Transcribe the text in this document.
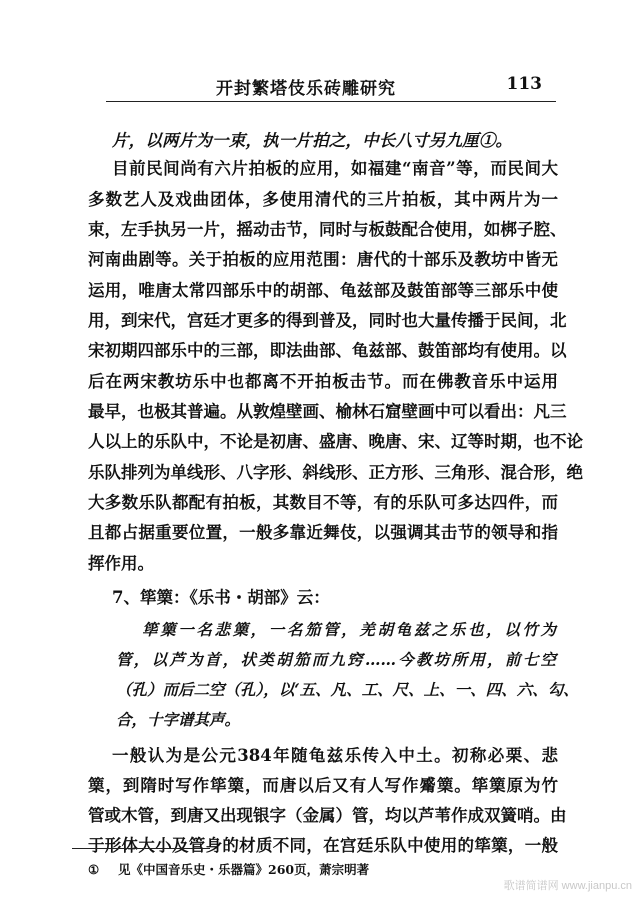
开封繁塔伎乐砖雕研究	113
片，以两片为一束，执一片拍之，中长八寸另九厘①。
目前民间尚有六片拍板的应用，如福建“南音”等，而民间大
多数艺人及戏曲团体，多使用清代的三片拍板，其中两片为一
束，左手执另一片，摇动击节，同时与板鼓配合使用，如梆子腔、
河南曲剧等。关于拍板的应用范围：唐代的十部乐及教坊中皆无
运用，唯唐太常四部乐中的胡部、龟兹部及鼓笛部等三部乐中使
用，到宋代，宫廷才更多的得到普及，同时也大量传播于民间，北
宋初期四部乐中的三部，即法曲部、龟兹部、鼓笛部均有使用。以
后在两宋教坊乐中也都离不开拍板击节。而在佛教音乐中运用
最早，也极其普遍。从敦煌壁画、榆林石窟壁画中可以看出：凡三
人以上的乐队中，不论是初唐、盛唐、晚唐、宋、辽等时期，也不论
乐队排列为单线形、八字形、斜线形、正方形、三角形、混合形，绝
大多数乐队都配有拍板，其数目不等，有的乐队可多达四件，而
且都占据重要位置，一般多靠近舞伎，以强调其击节的领导和指
挥作用。
7、筚篥：《乐书・胡部》云：
筚篥一名悲篥，一名笳管，羌胡龟兹之乐也，以竹为
管，以芦为首，状类胡笳而九窍……今教坊所用，前七空
（孔）而后二空（孔），以‘五、凡、工、尺、上、一、四、六、勾、
合，十字谱其声。
一般认为是公元384年随龟兹乐传入中土。初称必栗、悲
篥，到隋时写作筚篥，而唐以后又有人写作觱篥。筚篥原为竹
管或木管，到唐又出现银字（金属）管，均以芦苇作成双簧哨。由
于形体大小及管身的材质不同，在宫廷乐队中使用的筚篥，一般
① 见《中国音乐史・乐器篇》260页，萧宗明著
歌谱简谱网 www.jianpu.cn
